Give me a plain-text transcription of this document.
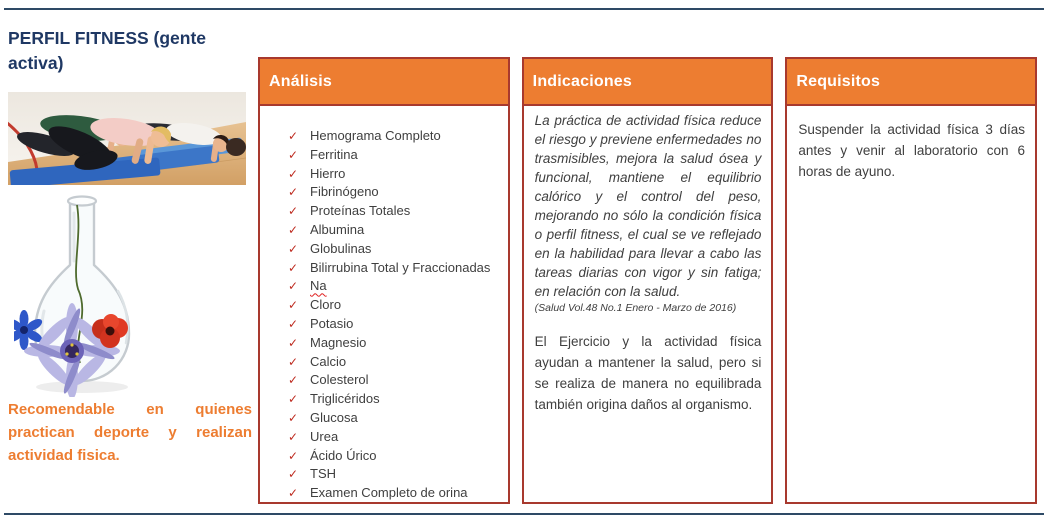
PERFIL FITNESS (gente activa)

Recomendable en quienes practican deporte y realizan actividad fisica.

Análisis
✓ Hemograma Completo
✓ Ferritina
✓ Hierro
✓ Fibrinógeno
✓ Proteínas Totales
✓ Albumina
✓ Globulinas
✓ Bilirrubina Total y Fraccionadas
✓ Na
✓ Cloro
✓ Potasio
✓ Magnesio
✓ Calcio
✓ Colesterol
✓ Triglicéridos
✓ Glucosa
✓ Urea
✓ Ácido Úrico
✓ TSH
✓ Examen Completo de orina
Indicaciones

La práctica de actividad física reduce el riesgo y previene enfermedades no trasmisibles, mejora la salud ósea y funcional, mantiene el equilibrio calórico y el control del peso, mejorando no sólo la condición física o perfil fitness, el cual se ve reflejado en la habilidad para llevar a cabo las tareas diarias con vigor y sin fatiga; en relación con la salud.

(Salud Vol.48 No.1 Enero - Marzo de 2016)

El Ejercicio y la actividad física ayudan a mantener la salud, pero si se realiza de manera no equilibrada también origina daños al organismo.

Requisitos
Suspender la actividad física 3 días antes y venir al laboratorio con 6 horas de ayuno.
